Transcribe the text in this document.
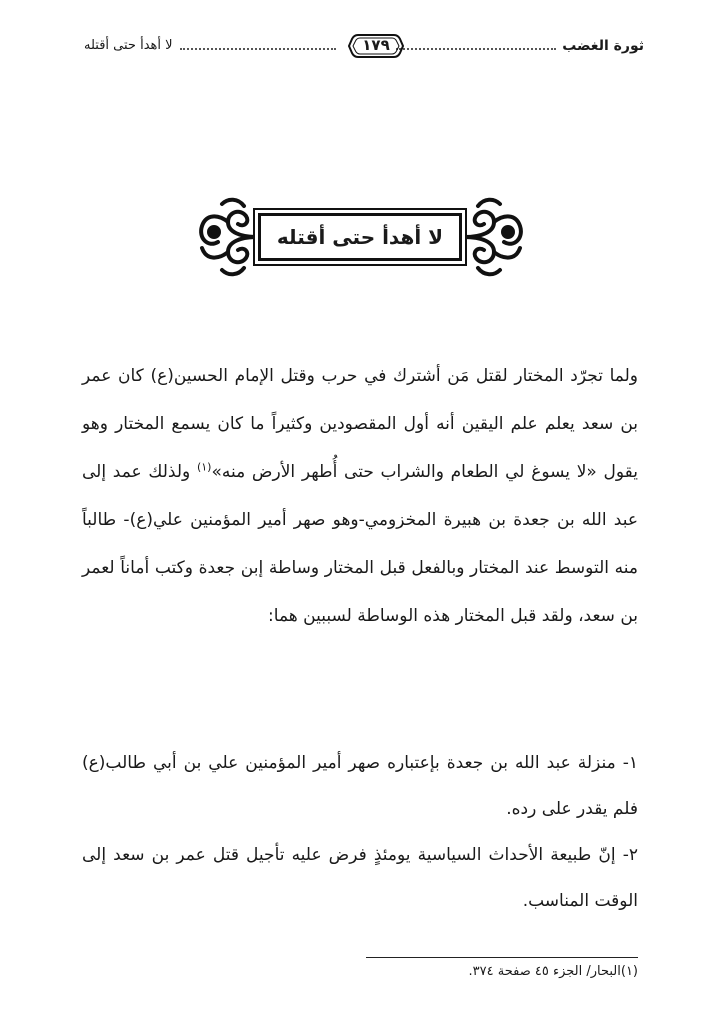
ثورة الغضب
١٧٩
لا أهدأ حتى أقتله
لا أهدأ حتى أقتله

ولما تجرّد المختار لقتل مَن أشترك في حرب وقتل الإمام الحسين(ع) كان عمر بن سعد يعلم علم اليقين أنه أول المقصودين وكثيراً ما كان يسمع المختار وهو يقول «لا يسوغ لي الطعام والشراب حتى أُطهر الأرض منه»$^{(١)}$ ولذلك عمد إلى عبد الله بن جعدة بن هبيرة المخزومي-وهو صهر أمير المؤمنين علي(ع)- طالباً منه التوسط عند المختار وبالفعل قبل المختار وساطة إبن جعدة وكتب أماناً لعمر بن سعد، ولقد قبل المختار هذه الوساطة لسببين هما:

١- منزلة عبد الله بن جعدة بإعتباره صهر أمير المؤمنين علي بن أبي طالب(ع) فلم يقدر على رده.

٢- إنّ طبيعة الأحداث السياسية يومئذٍ فرض عليه تأجيل قتل عمر بن سعد إلى الوقت المناسب.

(١)البحار/ الجزء ٤٥ صفحة ٣٧٤.
